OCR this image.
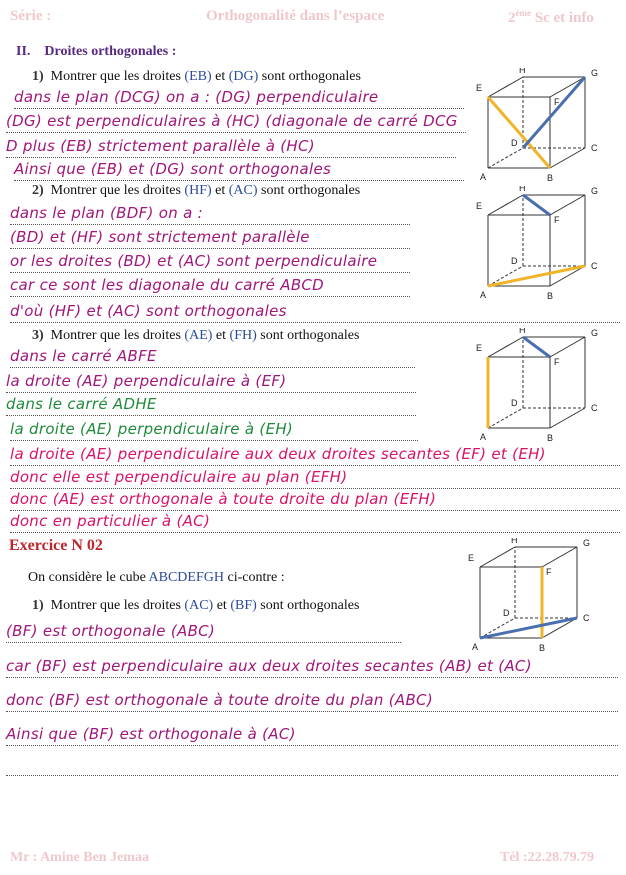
Série :	Orthogonalité dans l’espace	2ème Sc et info
II. Droites orthogonales :
1) Montrer que les droites (EB) et (DG) sont orthogonales
dans le plan (DCG) on a : (DG) perpendiculaire
(DG) est perpendiculaires à (HC) (diagonale de carré DCG
D plus (EB) strictement parallèle à (HC)
Ainsi que (EB) et (DG) sont orthogonales
2) Montrer que les droites (HF) et (AC) sont orthogonales
dans le plan (BDF) on a :
(BD) et (HF) sont strictement parallèle
or les droites (BD) et (AC) sont perpendiculaire
car ce sont les diagonale du carré ABCD
d'où (HF) et (AC) sont orthogonales
3) Montrer que les droites (AE) et (FH) sont orthogonales
dans le carré ABFE
la droite (AE) perpendiculaire à (EF)
dans le carré ADHE
la droite (AE) perpendiculaire à (EH)
la droite (AE) perpendiculaire aux deux droites secantes (EF) et (EH)
donc elle est perpendiculaire au plan (EFH)
donc (AE) est orthogonale à toute droite du plan (EFH)
donc en particulier à (AC)
Exercice N 02
On considère le cube ABCDEFGH ci-contre :
1) Montrer que les droites (AC) et (BF) sont orthogonales
(BF) est orthogonale (ABC)
car (BF) est perpendiculaire aux deux droites secantes (AB) et (AC)
donc (BF) est orthogonale à toute droite du plan (ABC)
Ainsi que (BF) est orthogonale à (AC)
A	B
C
D
E
F
G
H
A	B
C
D
E
F
G
H
A	B
C
D
E
F
G
H
A	B
C
D
E
F
G
H
Mr : Amine Ben Jemaa	Tél :22.28.79.79
